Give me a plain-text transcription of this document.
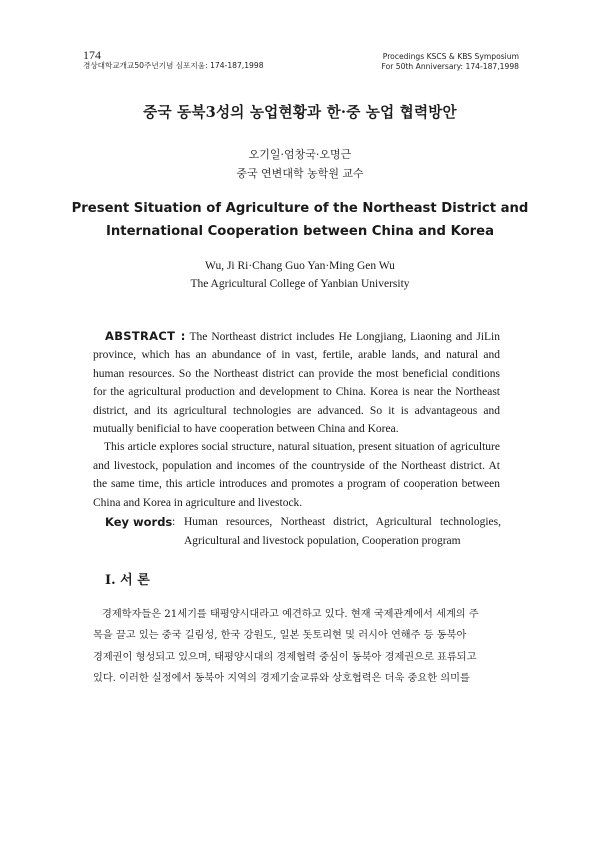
174
경상대학교개교50주년기념 심포지움: 174-187,1998
Procedings KSCS & KBS Symposium
For 50th Anniversary: 174-187,1998
중국 동북3성의 농업현황과 한·중 농업 협력방안
오기일·엄창국·오명근
중국 연변대학 농학원 교수
Present Situation of Agriculture of the Northeast District and
International Cooperation between China and Korea
Wu, Ji Ri·Chang Guo Yan·Ming Gen Wu
The Agricultural College of Yanbian University

ABSTRACT : The Northeast district includes He Longjiang, Liaoning and JiLin province, which has an abundance of in vast, fertile, arable lands, and natural and human resources. So the Northeast district can provide the most beneficial conditions for the agricultural production and development to China. Korea is near the Northeast district, and its agricultural technologies are advanced. So it is advantageous and mutually benificial to have cooperation between China and Korea.

This article explores social structure, natural situation, present situation of agriculture and livestock, population and incomes of the countryside of the Northeast district. At the same time, this article introduces and promotes a program of cooperation between China and Korea in agriculture and livestock.

Key words : Human resources, Northeast district, Agricultural technologies,
Agricultural and livestock population, Cooperation program
Ⅰ. 서 론
경제학자들은 21세기를 태평양시대라고 예견하고 있다. 현재 국제관계에서 세계의 주
목을 끌고 있는 중국 길림성, 한국 강원도, 일본 돗토리현 및 러시아 연해주 등 동북아
경제권이 형성되고 있으며, 태평양시대의 경제협력 중심이 동북아 경제권으로 표류되고
있다. 이러한 실정에서 동북아 지역의 경제기술교류와 상호협력은 더욱 중요한 의미를
